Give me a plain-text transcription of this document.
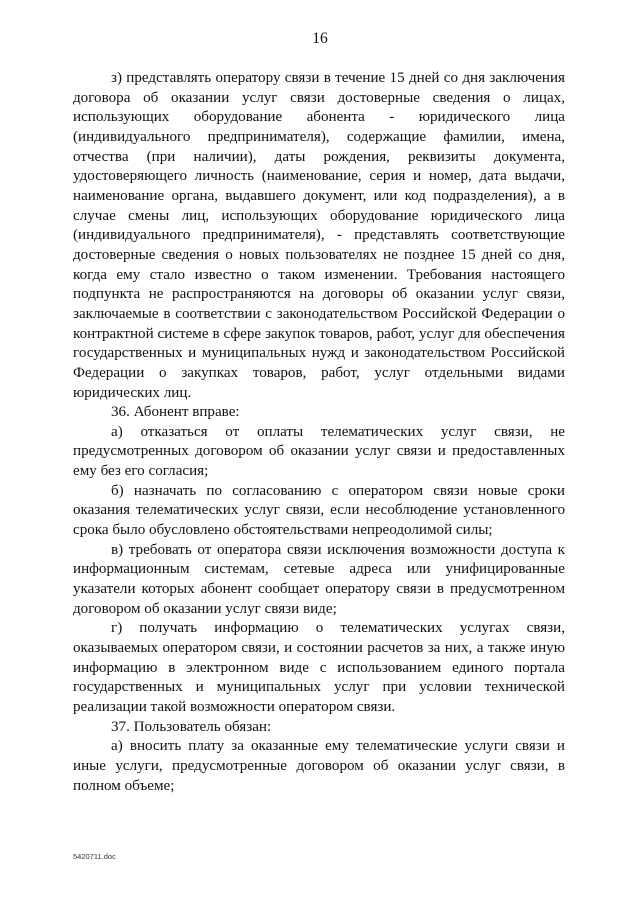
16

з) представлять оператору связи в течение 15 дней со дня заключения договора об оказании услуг связи достоверные сведения о лицах, использующих оборудование абонента - юридического лица (индивидуального предпринимателя), содержащие фамилии, имена, отчества (при наличии), даты рождения, реквизиты документа, удостоверяющего личность (наименование, серия и номер, дата выдачи, наименование органа, выдавшего документ, или код подразделения), а в случае смены лиц, использующих оборудование юридического лица (индивидуального предпринимателя), - представлять соответствующие достоверные сведения о новых пользователях не позднее 15 дней со дня, когда ему стало известно о таком изменении. Требования настоящего подпункта не распространяются на договоры об оказании услуг связи, заключаемые в соответствии с законодательством Российской Федерации о контрактной системе в сфере закупок товаров, работ, услуг для обеспечения государственных и муниципальных нужд и законодательством Российской Федерации о закупках товаров, работ, услуг отдельными видами юридических лиц.

36. Абонент вправе:

а) отказаться от оплаты телематических услуг связи, не предусмотренных договором об оказании услуг связи и предоставленных ему без его согласия;

б) назначать по согласованию с оператором связи новые сроки оказания телематических услуг связи, если несоблюдение установленного срока было обусловлено обстоятельствами непреодолимой силы;

в) требовать от оператора связи исключения возможности доступа к информационным системам, сетевые адреса или унифицированные указатели которых абонент сообщает оператору связи в предусмотренном договором об оказании услуг связи виде;

г) получать информацию о телематических услугах связи, оказываемых оператором связи, и состоянии расчетов за них, а также иную информацию в электронном виде с использованием единого портала государственных и муниципальных услуг при условии технической реализации такой возможности оператором связи.

37. Пользователь обязан:

а) вносить плату за оказанные ему телематические услуги связи и иные услуги, предусмотренные договором об оказании услуг связи, в полном объеме;

5420711.doc
